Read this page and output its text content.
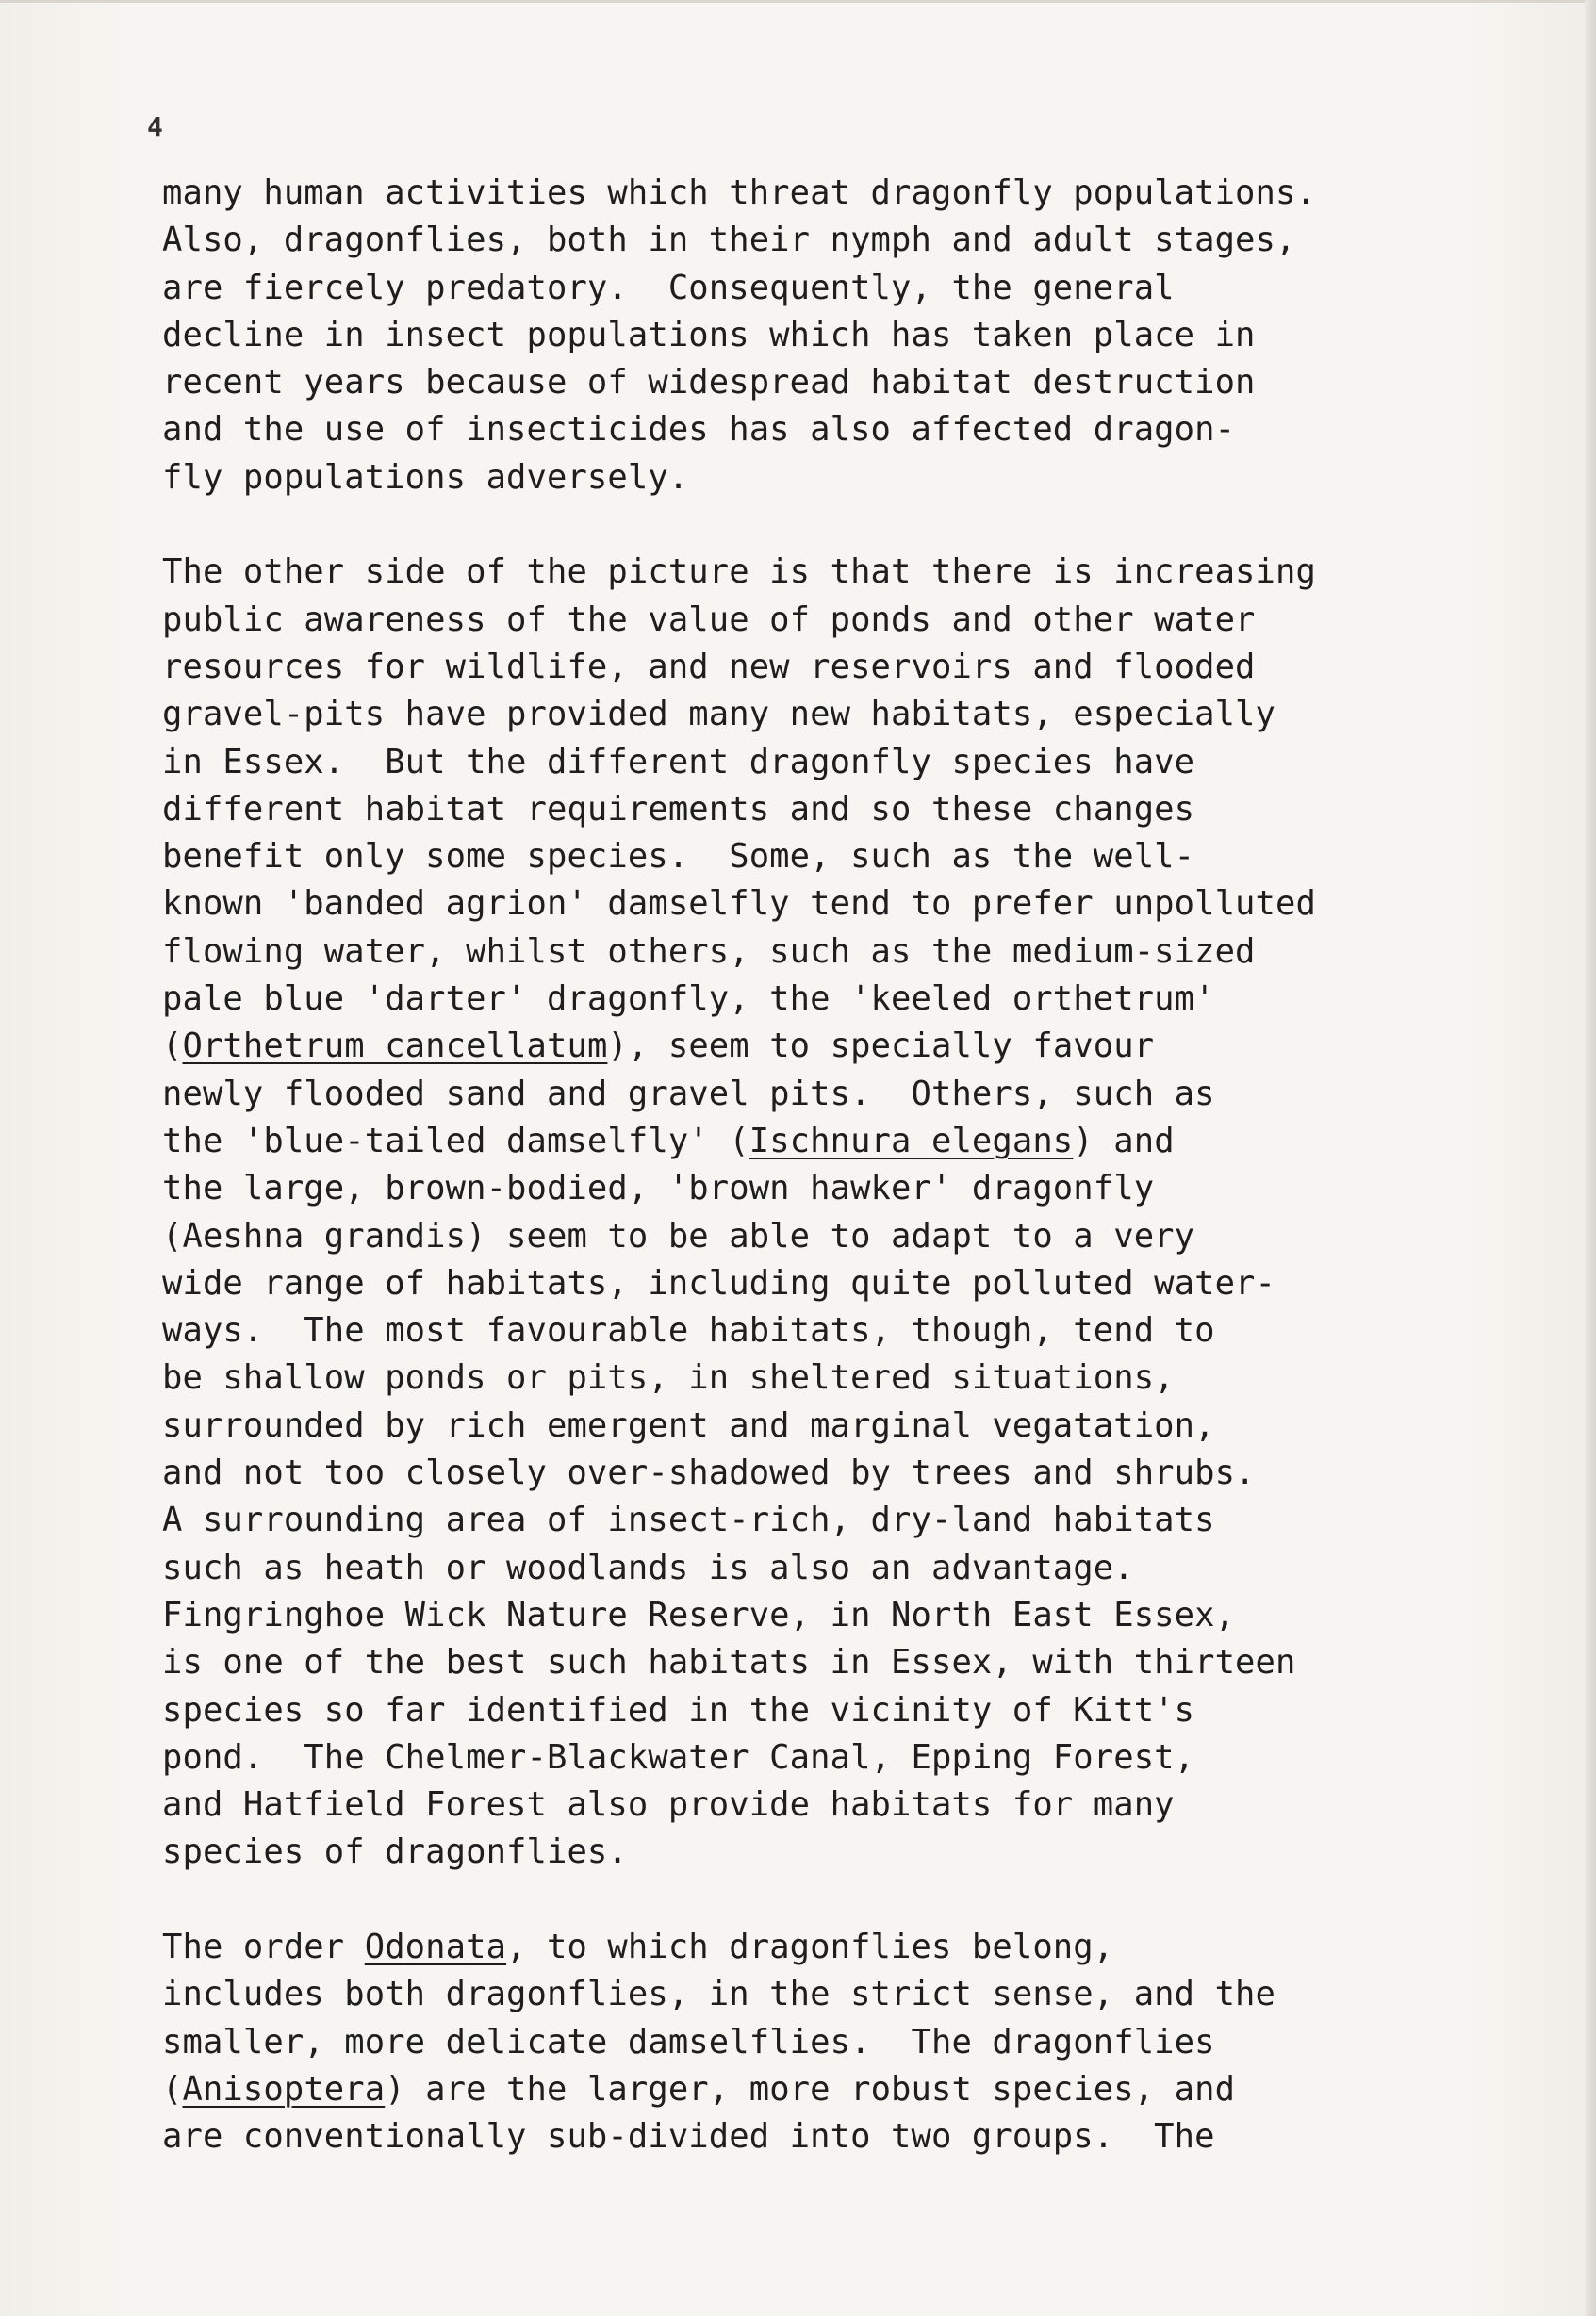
4
many human activities which threat dragonfly populations.
Also, dragonflies, both in their nymph and adult stages,
are fiercely predatory.  Consequently, the general
decline in insect populations which has taken place in
recent years because of widespread habitat destruction
and the use of insecticides has also affected dragon-
fly populations adversely.
The other side of the picture is that there is increasing
public awareness of the value of ponds and other water
resources for wildlife, and new reservoirs and flooded
gravel-pits have provided many new habitats, especially
in Essex.  But the different dragonfly species have
different habitat requirements and so these changes
benefit only some species.  Some, such as the well-
known 'banded agrion' damselfly tend to prefer unpolluted
flowing water, whilst others, such as the medium-sized
pale blue 'darter' dragonfly, the 'keeled orthetrum'
(Orthetrum cancellatum), seem to specially favour
newly flooded sand and gravel pits.  Others, such as
the 'blue-tailed damselfly' (Ischnura elegans) and
the large, brown-bodied, 'brown hawker' dragonfly
(Aeshna grandis) seem to be able to adapt to a very
wide range of habitats, including quite polluted water-
ways.  The most favourable habitats, though, tend to
be shallow ponds or pits, in sheltered situations,
surrounded by rich emergent and marginal vegatation,
and not too closely over-shadowed by trees and shrubs.
A surrounding area of insect-rich, dry-land habitats
such as heath or woodlands is also an advantage.
Fingringhoe Wick Nature Reserve, in North East Essex,
is one of the best such habitats in Essex, with thirteen
species so far identified in the vicinity of Kitt's
pond.  The Chelmer-Blackwater Canal, Epping Forest,
and Hatfield Forest also provide habitats for many
species of dragonflies.
The order Odonata, to which dragonflies belong,
includes both dragonflies, in the strict sense, and the
smaller, more delicate damselflies.  The dragonflies
(Anisoptera) are the larger, more robust species, and
are conventionally sub-divided into two groups.  The
